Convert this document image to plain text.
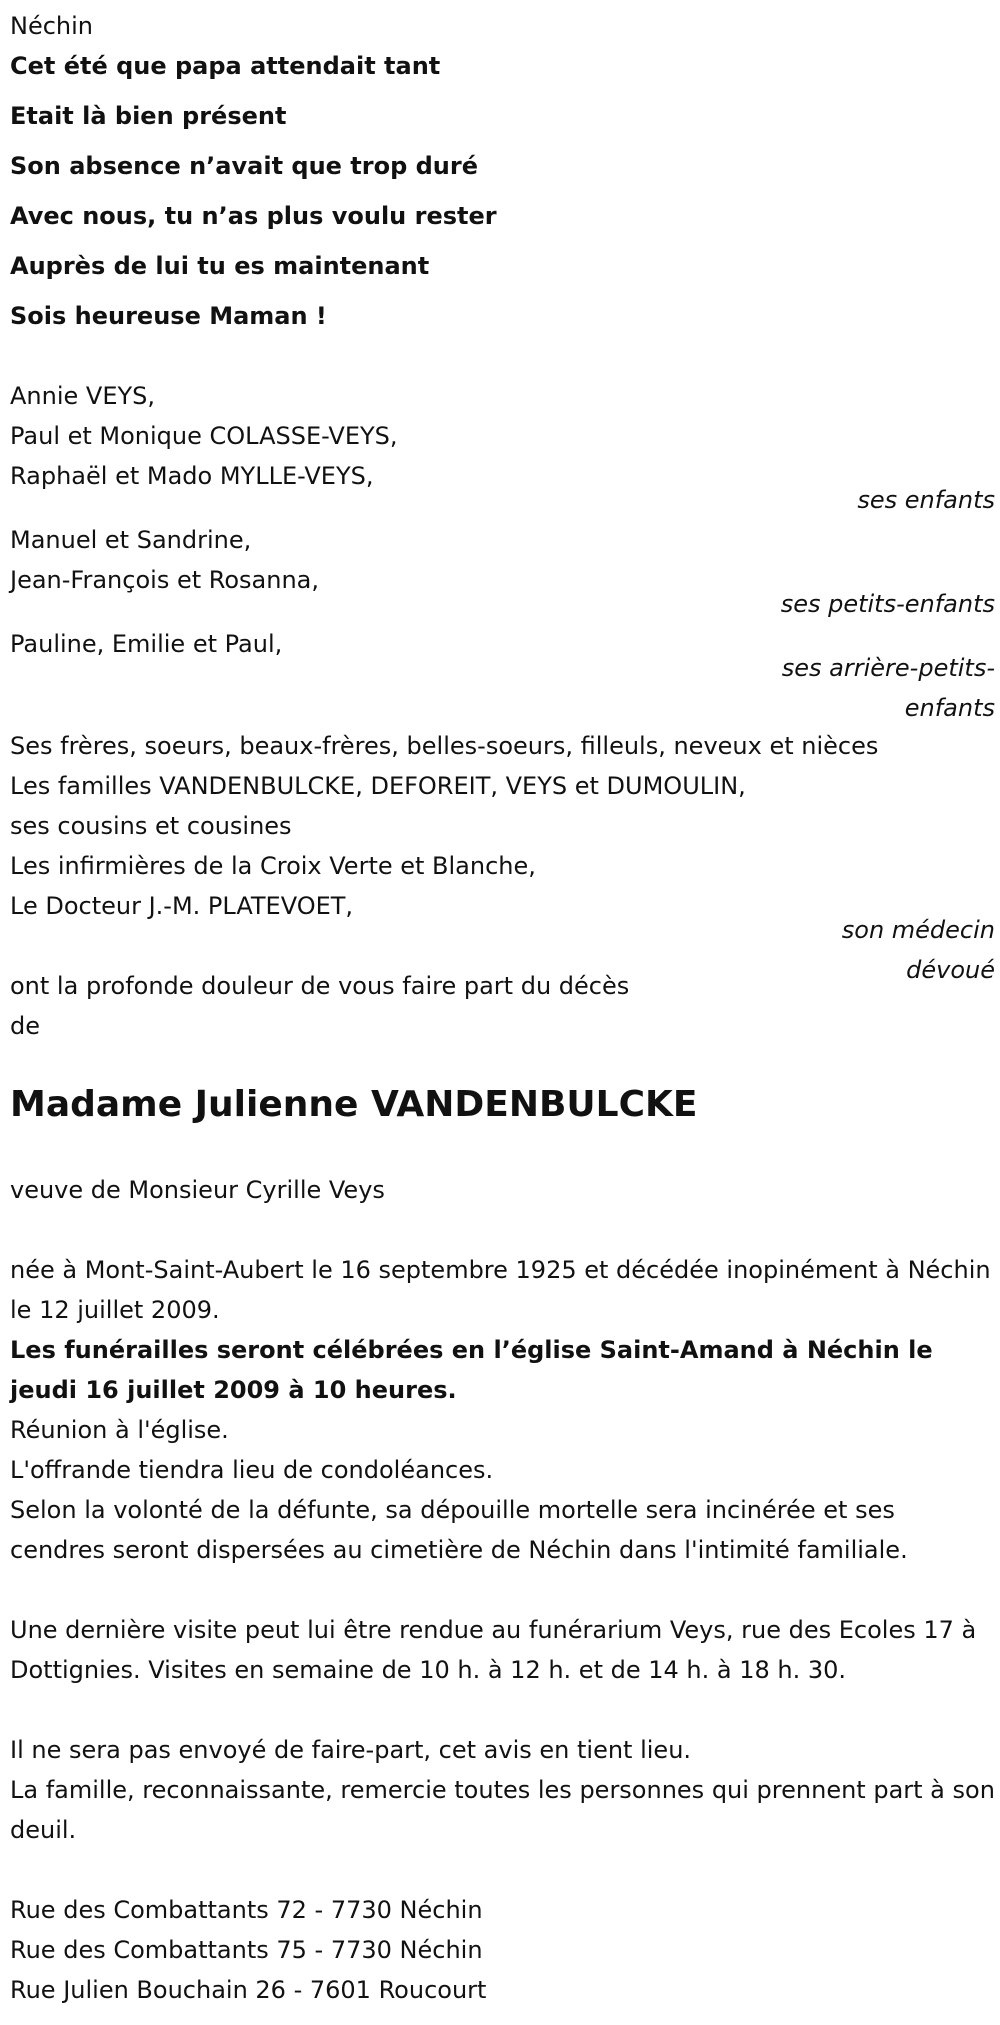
Néchin
Cet été que papa attendait tant
Etait là bien présent
Son absence n’avait que trop duré
Avec nous, tu n’as plus voulu rester
Auprès de lui tu es maintenant
Sois heureuse Maman !
Annie VEYS,
Paul et Monique COLASSE-VEYS,
Raphaël et Mado MYLLE-VEYS,
ses enfants
Manuel et Sandrine,
Jean-François et Rosanna,
ses petits-enfants
Pauline, Emilie et Paul,
ses arrière-petits-
enfants
Ses frères, soeurs, beaux-frères, belles-soeurs, filleuls, neveux et nièces
Les familles VANDENBULCKE, DEFOREIT, VEYS et DUMOULIN,
ses cousins et cousines
Les infirmières de la Croix Verte et Blanche,
Le Docteur J.-M. PLATEVOET,
son médecin
dévoué
ont la profonde douleur de vous faire part du décès
de
Madame Julienne VANDENBULCKE
veuve de Monsieur Cyrille Veys
née à Mont-Saint-Aubert le 16 septembre 1925 et décédée inopinément à Néchin le 12 juillet 2009.
Les funérailles seront célébrées en l’église Saint-Amand à Néchin le jeudi 16 juillet 2009 à 10 heures.
Réunion à l'église.
L'offrande tiendra lieu de condoléances.
Selon la volonté de la défunte, sa dépouille mortelle sera incinérée et ses cendres seront dispersées au cimetière de Néchin dans l'intimité familiale.
Une dernière visite peut lui être rendue au funérarium Veys, rue des Ecoles 17 à Dottignies. Visites en semaine de 10 h. à 12 h. et de 14 h. à 18 h. 30.
Il ne sera pas envoyé de faire-part, cet avis en tient lieu.
La famille, reconnaissante, remercie toutes les personnes qui prennent part à son deuil.
Rue des Combattants 72 - 7730 Néchin
Rue des Combattants 75 - 7730 Néchin
Rue Julien Bouchain 26 - 7601 Roucourt
